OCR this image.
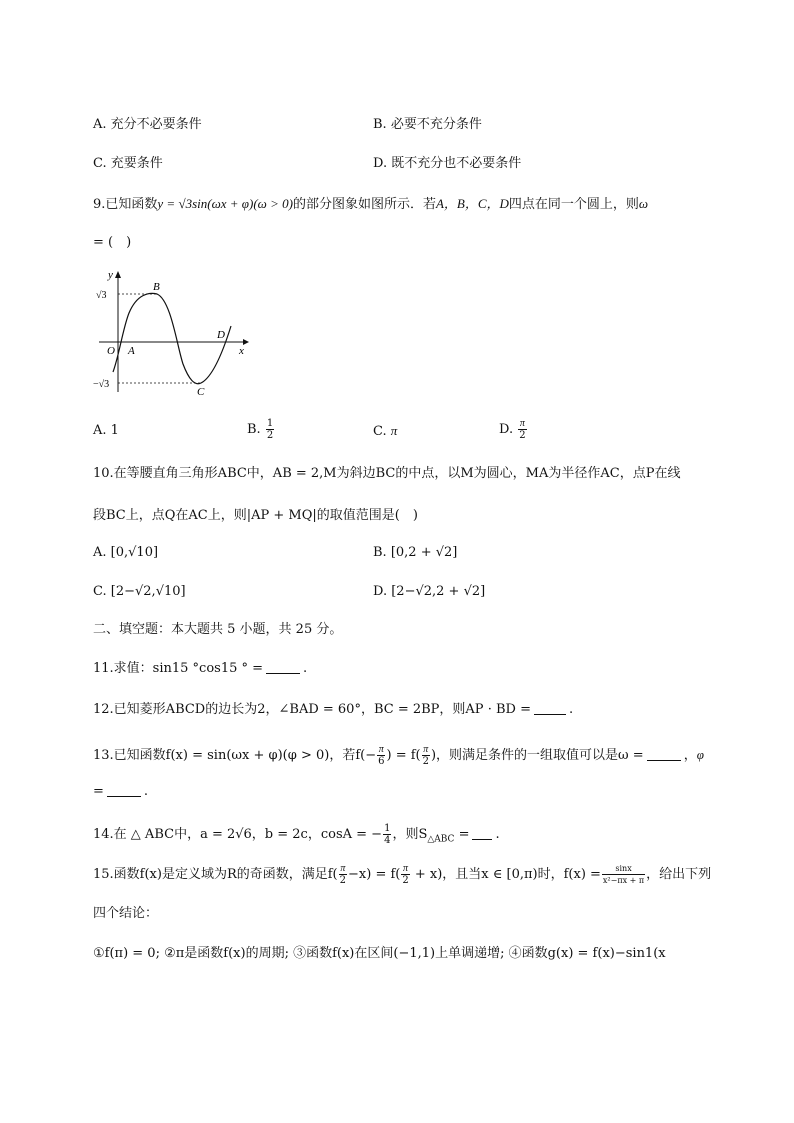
A. 充分不必要条件	B. 必要不充分条件
C. 充要条件	D. 既不充分也不必要条件
9.已知函数y = √3sin(ωx + φ)(ω > 0)的部分图象如图所示．若A，B，C，D四点在同一个圆上，则ω
= (　)
y
x
O A
B
C
D
√3
−√3
A. 1	B. $\frac{1}{2}$	C. π	D. $\frac{\pi}{2}$
10.在等腰直角三角形ABC中，AB = 2,M为斜边BC的中点，以M为圆心，MA为半径作AC，点P在线
段BC上，点Q在AC上，则|AP + MQ|的取值范围是(　)
A. [0,√10]	B. [0,2 + √2]
C. [2−√2,√10]	D. [2−√2,2 + √2]
二、填空题：本大题共 5 小题，共 25 分。
11.求值：sin15 °cos15 ° =	.
12.已知菱形ABCD的边长为2，∠BAD = 60°，BC = 2BP，则AP · BD =	.
13.已知函数f(x) = sin(ωx + φ)(φ > 0)，若$f(- \frac{\pi}{6}$ ) = $f( \frac{\pi}{2}$ )，则满足条件的一组取值可以是ω =	，φ
=	.
14.在 △ ABC中，a = 2√6，b = 2c，cosA = − $\frac{1}{4}$ ，则$S_{\triangle ABC}$ = .
15.函数f(x)是定义域为R的奇函数，满足$f( \frac{\pi}{2} -x) = f( \frac{\pi}{2} + x)$，且当x ∈ [0,π)时，$f(x) = \frac{\sin x}{\text{x²−πx + π}}$ ，给出下列
四个结论：
①f(π) = 0; ②π是函数f(x)的周期; ③函数f(x)在区间(−1,1)上单调递增; ④函数g(x) = f(x)−sin1(x
